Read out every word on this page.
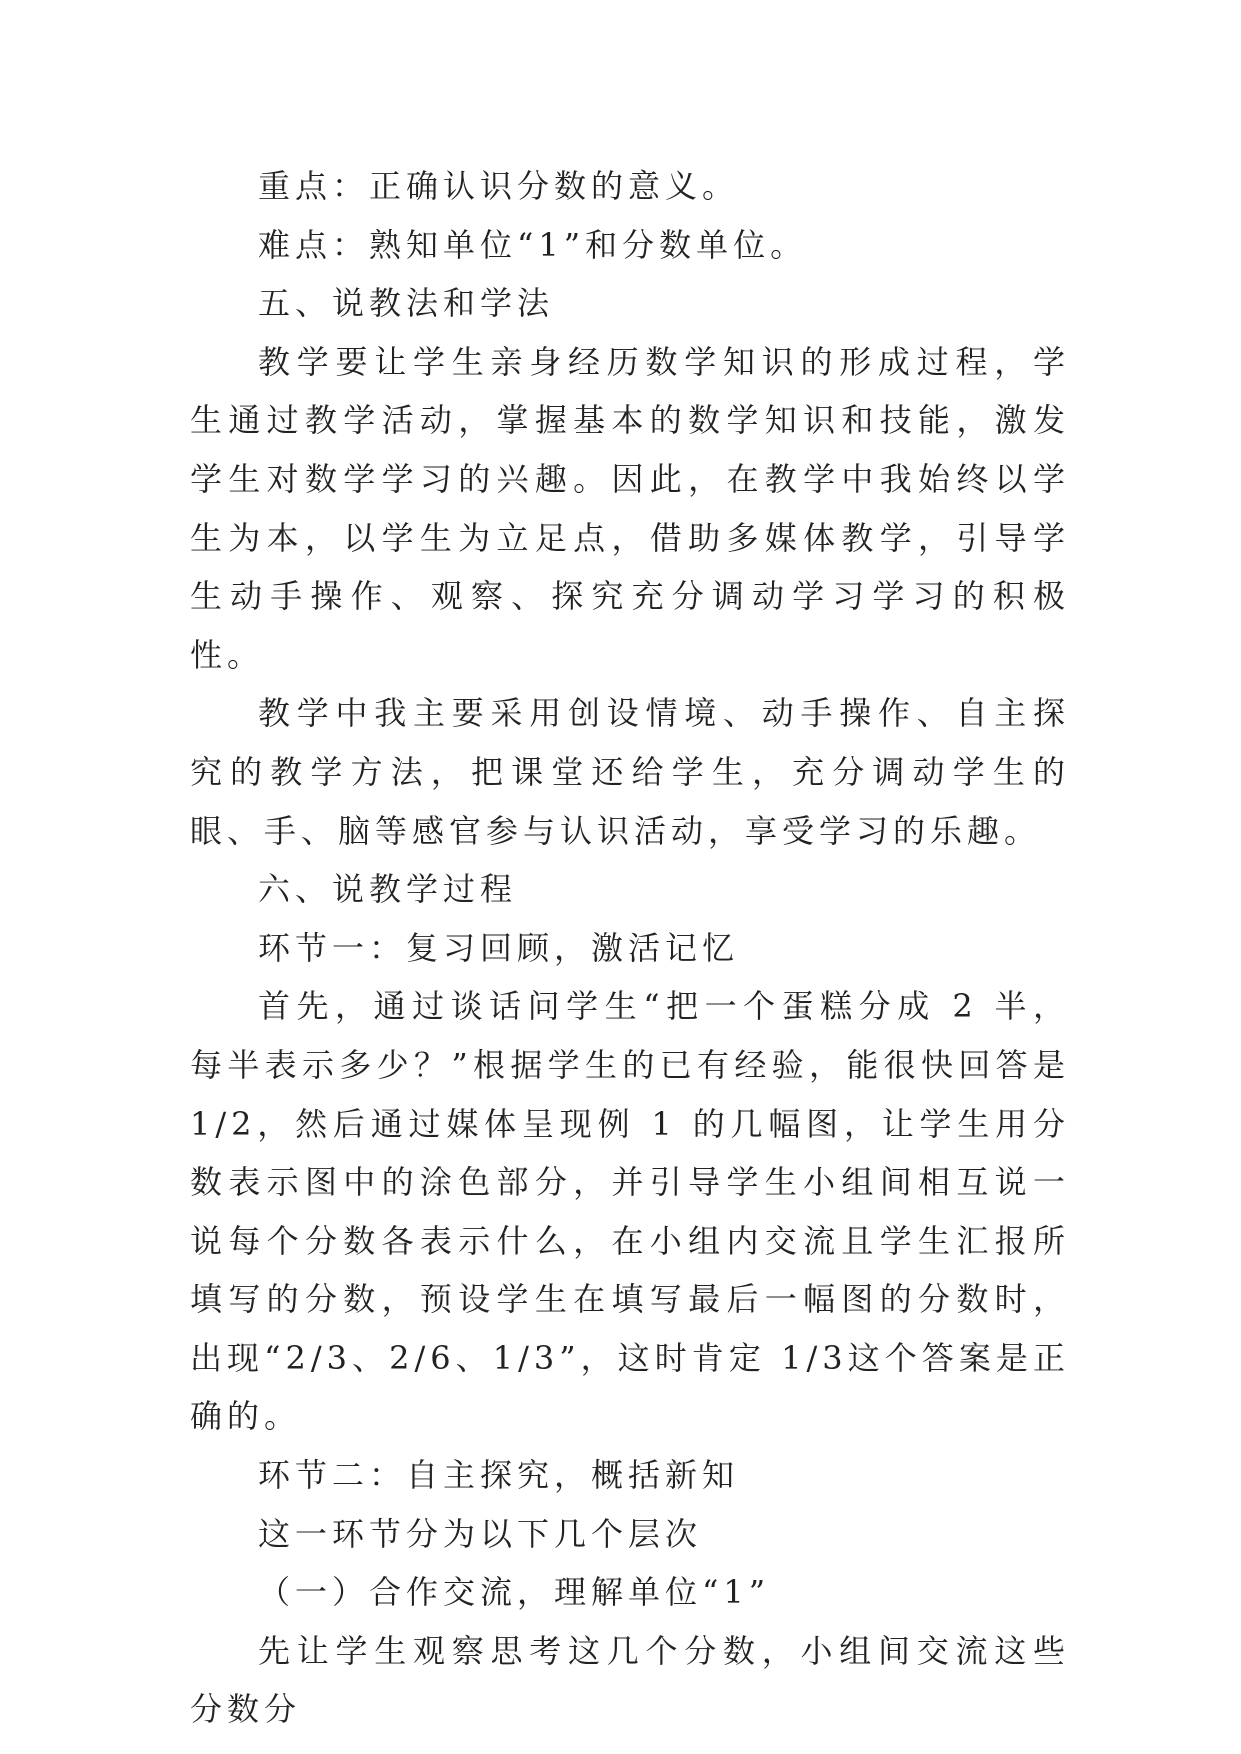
重点：正确认识分数的意义。

难点：熟知单位“1”和分数单位。

五、说教法和学法

教学要让学生亲身经历数学知识的形成过程，学生通过教学活动，掌握基本的数学知识和技能，激发学生对数学学习的兴趣。因此，在教学中我始终以学生为本，以学生为立足点，借助多媒体教学，引导学生动手操作、观察、探究充分调动学习学习的积极性。

教学中我主要采用创设情境、动手操作、自主探究的教学方法，把课堂还给学生，充分调动学生的眼、手、脑等感官参与认识活动，享受学习的乐趣。

六、说教学过程

环节一：复习回顾，激活记忆

首先，通过谈话问学生“把一个蛋糕分成 2 半，每半表示多少？”根据学生的已有经验，能很快回答是 1/2，然后通过媒体呈现例 1 的几幅图，让学生用分数表示图中的涂色部分，并引导学生小组间相互说一说每个分数各表示什么，在小组内交流且学生汇报所填写的分数，预设学生在填写最后一幅图的分数时，出现“2/3、2/6、1/3”，这时肯定 1/3这个答案是正确的。

环节二：自主探究，概括新知

这一环节分为以下几个层次

（一）合作交流，理解单位“1”

先让学生观察思考这几个分数，小组间交流这些分数分
